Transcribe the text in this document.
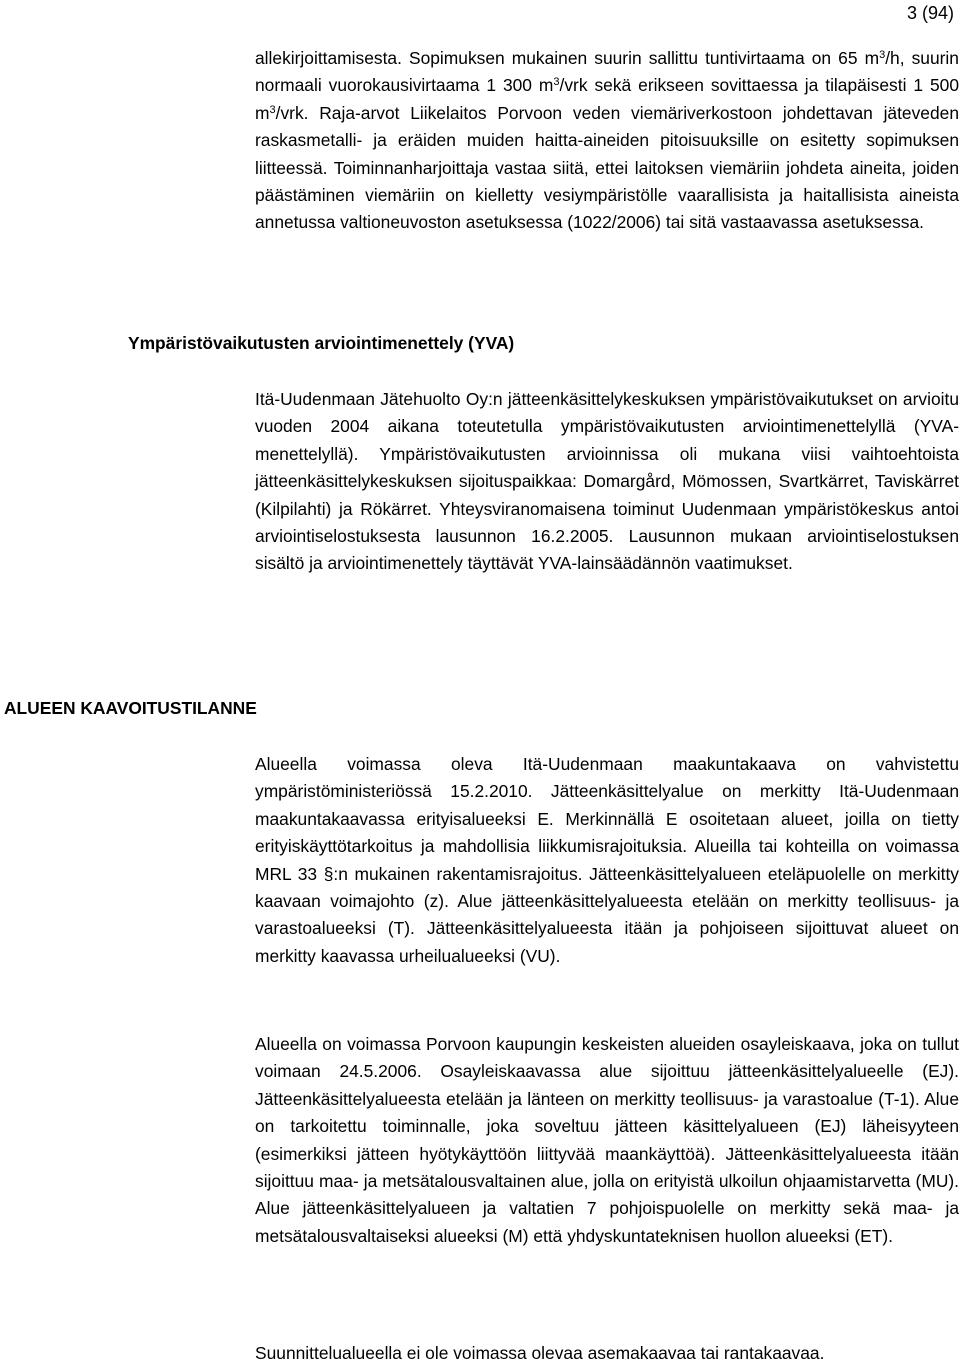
3 (94)

allekirjoittamisesta. Sopimuksen mukainen suurin sallittu tuntivirtaama on 65 $m^3/h$, suurin normaali vuorokausivirtaama 1 300 $m^3$/vrk sekä erikseen sovittaessa ja tilapäisesti 1 500 $m^3$/vrk. Raja-arvot Liikelaitos Porvoon veden viemäriverkostoon johdettavan jäteveden raskasmetalli- ja eräiden muiden haitta-aineiden pitoisuuksille on esitetty sopimuksen liitteessä. Toiminnanharjoittaja vastaa siitä, ettei laitoksen viemäriin johdeta aineita, joiden päästäminen viemäriin on kielletty vesiympäristölle vaarallisista ja haitallisista aineista annetussa valtioneuvoston asetuksessa (1022/2006) tai sitä vastaavassa asetuksessa.

Ympäristövaikutusten arviointimenettely (YVA)

Itä-Uudenmaan Jätehuolto Oy:n jätteenkäsittelykeskuksen ympäristövaikutukset on arvioitu vuoden 2004 aikana toteutetulla ympäristövaikutusten arviointimenettelyllä (YVA-menettelyllä). Ympäristövaikutusten arvioinnissa oli mukana viisi vaihtoehtoista jätteenkäsittelykeskuksen sijoituspaikkaa: Domargård, Mömossen, Svartkärret, Taviskärret (Kilpilahti) ja Rökärret. Yhteysviranomaisena toiminut Uudenmaan ympäristökeskus antoi arviointiselostuksesta lausunnon 16.2.2005. Lausunnon mukaan arviointiselostuksen sisältö ja arviointimenettely täyttävät YVA-lainsäädännön vaatimukset.

ALUEEN KAAVOITUSTILANNE

Alueella voimassa oleva Itä-Uudenmaan maakuntakaava on vahvistettu ympäristöministeriössä 15.2.2010. Jätteenkäsittelyalue on merkitty Itä-Uudenmaan maakuntakaavassa erityisalueeksi E. Merkinnällä E osoitetaan alueet, joilla on tietty erityiskäyttötarkoitus ja mahdollisia liikkumisrajoituksia. Alueilla tai kohteilla on voimassa MRL 33 §:n mukainen rakentamisrajoitus. Jätteenkäsittelyalueen eteläpuolelle on merkitty kaavaan voimajohto (z). Alue jätteenkäsittelyalueesta etelään on merkitty teollisuus- ja varastoalueeksi (T). Jätteenkäsittelyalueesta itään ja pohjoiseen sijoittuvat alueet on merkitty kaavassa urheilualueeksi (VU).

Alueella on voimassa Porvoon kaupungin keskeisten alueiden osayleiskaava, joka on tullut voimaan 24.5.2006. Osayleiskaavassa alue sijoittuu jätteenkäsittelyalueelle (EJ). Jätteenkäsittelyalueesta etelään ja länteen on merkitty teollisuus- ja varastoalue (T-1). Alue on tarkoitettu toiminnalle, joka soveltuu jätteen käsittelyalueen (EJ) läheisyyteen (esimerkiksi jätteen hyötykäyttöön liittyvää maankäyttöä). Jätteenkäsittelyalueesta itään sijoittuu maa- ja metsätalousvaltainen alue, jolla on erityistä ulkoilun ohjaamistarvetta (MU). Alue jätteenkäsittelyalueen ja valtatien 7 pohjoispuolelle on merkitty sekä maa- ja metsätalousvaltaiseksi alueeksi (M) että yhdyskuntateknisen huollon alueeksi (ET).

Suunnittelualueella ei ole voimassa olevaa asemakaavaa tai rantakaavaa.
